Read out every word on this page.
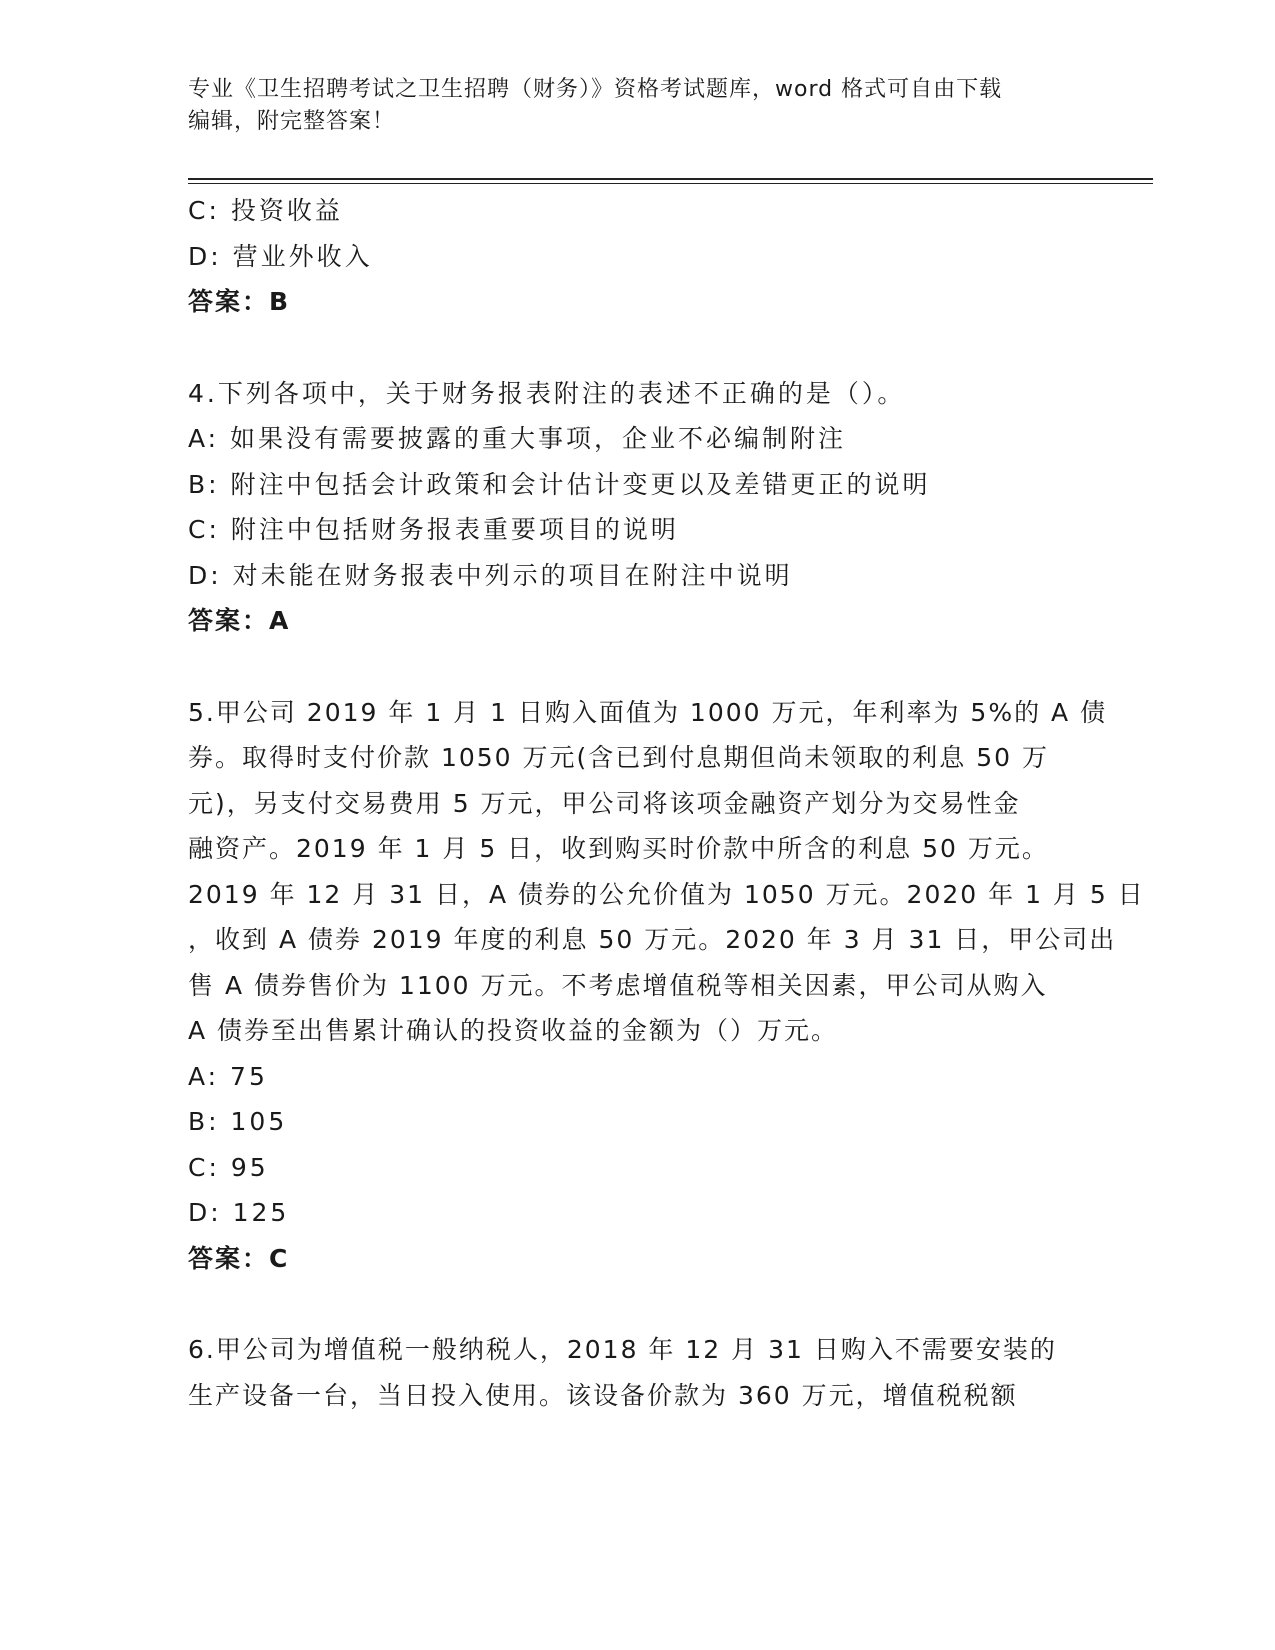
专业《卫生招聘考试之卫生招聘（财务）》资格考试题库，word 格式可自由下载
编辑，附完整答案！
C: 投资收益
D: 营业外收入
答案：B
4.下列各项中，关于财务报表附注的表述不正确的是（）。
A: 如果没有需要披露的重大事项，企业不必编制附注
B: 附注中包括会计政策和会计估计变更以及差错更正的说明
C: 附注中包括财务报表重要项目的说明
D: 对未能在财务报表中列示的项目在附注中说明
答案：A
5.甲公司 2019 年 1 月 1 日购入面值为 1000 万元，年利率为 5%的 A 债
券。取得时支付价款 1050 万元(含已到付息期但尚未领取的利息 50 万
元)，另支付交易费用 5 万元，甲公司将该项金融资产划分为交易性金
融资产。2019 年 1 月 5 日，收到购买时价款中所含的利息 50 万元。
2019 年 12 月 31 日，A 债券的公允价值为 1050 万元。2020 年 1 月 5 日
，收到 A 债券 2019 年度的利息 50 万元。2020 年 3 月 31 日，甲公司出
售 A 债券售价为 1100 万元。不考虑增值税等相关因素，甲公司从购入
A 债券至出售累计确认的投资收益的金额为（）万元。
A: 75
B: 105
C: 95
D: 125
答案：C
6.甲公司为增值税一般纳税人，2018 年 12 月 31 日购入不需要安装的
生产设备一台，当日投入使用。该设备价款为 360 万元，增值税税额
